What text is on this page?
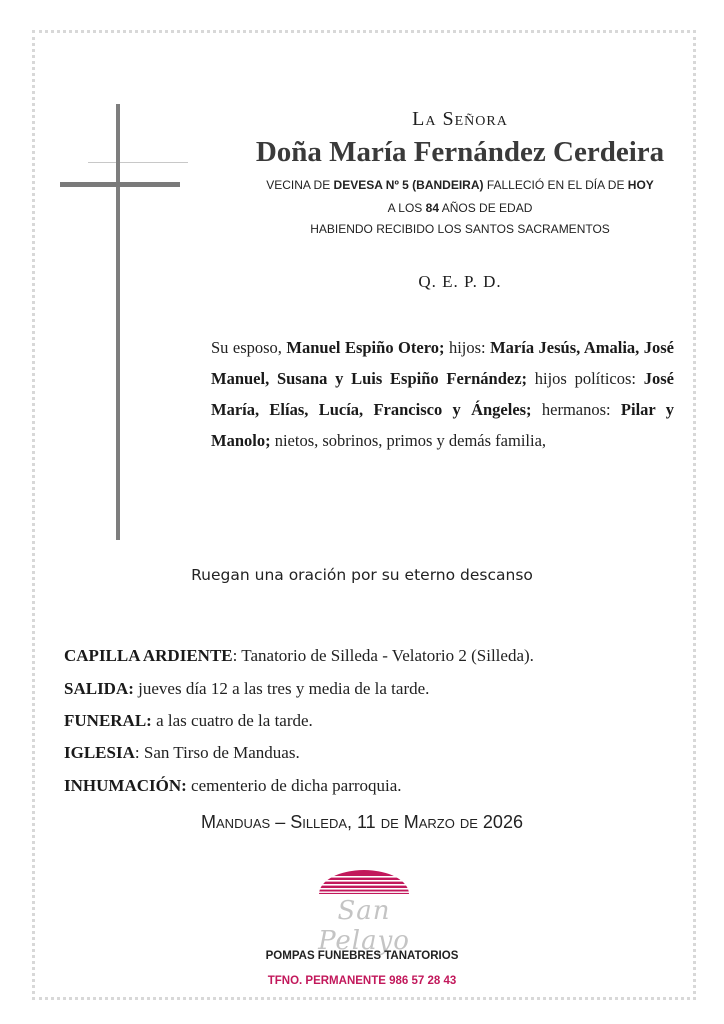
La Señora
Doña María Fernández Cerdeira
VECINA DE DEVESA Nº 5 (BANDEIRA) FALLECIÓ EN EL DÍA DE HOY
A LOS 84 AÑOS DE EDAD
HABIENDO RECIBIDO LOS SANTOS SACRAMENTOS
Q. E. P. D.
Su esposo, Manuel Espiño Otero; hijos: María Jesús, Amalia, José Manuel, Susana y Luis Espiño Fernández; hijos políticos: José María, Elías, Lucía, Francisco y Ángeles; hermanos: Pilar y Manolo; nietos, sobrinos, primos y demás familia,
Ruegan una oración por su eterno descanso
CAPILLA ARDIENTE: Tanatorio de Silleda - Velatorio 2 (Silleda).
SALIDA: jueves día 12 a las tres y media de la tarde.
FUNERAL: a las cuatro de la tarde.
IGLESIA: San Tirso de Manduas.
INHUMACIÓN: cementerio de dicha parroquia.
Manduas – Silleda, 11 de Marzo de 2026
San Pelayo
POMPAS FUNEBRES TANATORIOS
TFNO. PERMANENTE 986 57 28 43
